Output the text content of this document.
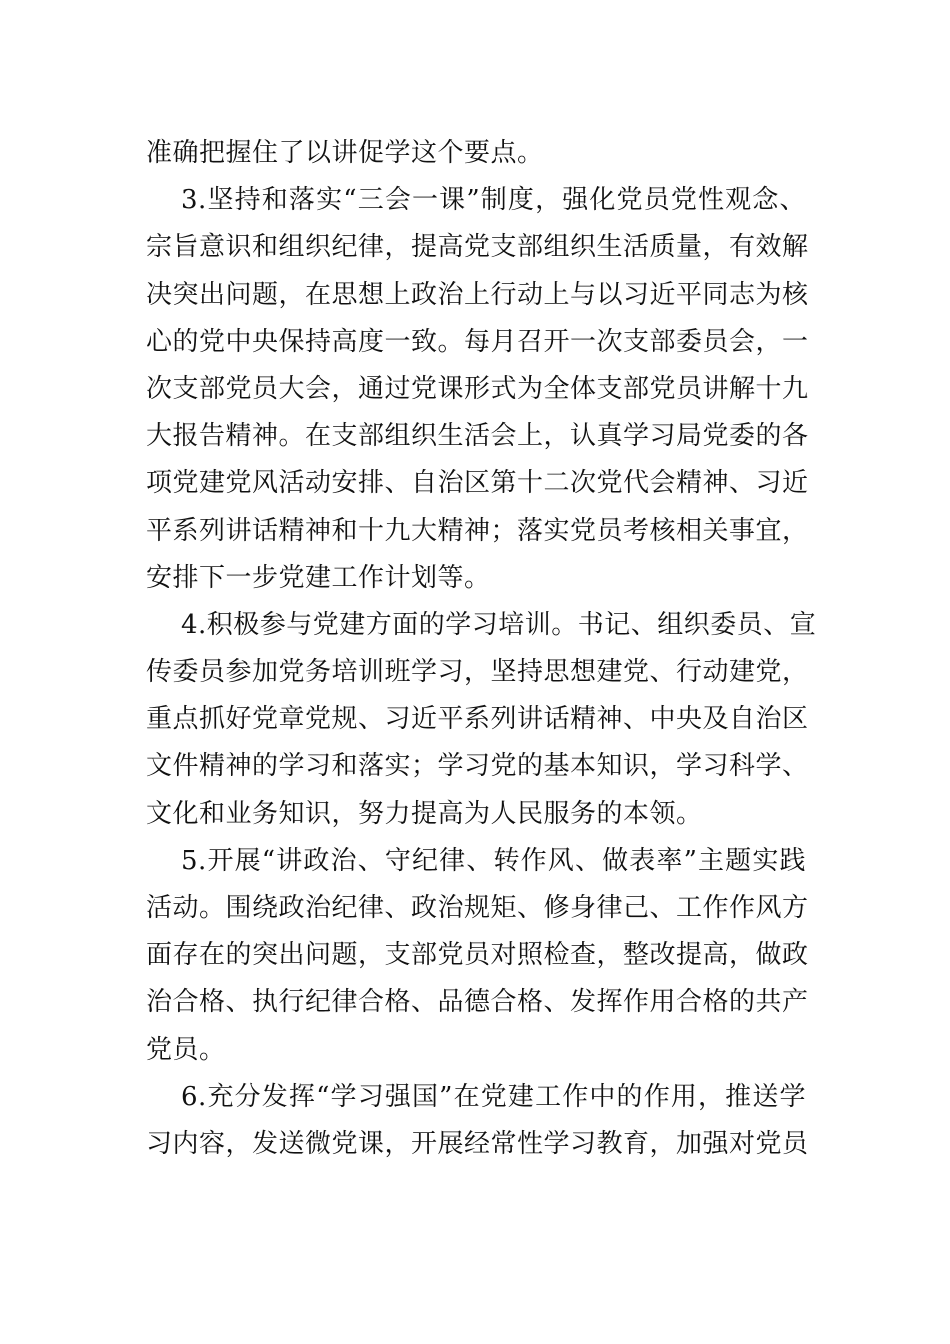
准确把握住了以讲促学这个要点。
3.坚持和落实“三会一课”制度，强化党员党性观念、
宗旨意识和组织纪律，提高党支部组织生活质量，有效解
决突出问题，在思想上政治上行动上与以习近平同志为核
心的党中央保持高度一致。每月召开一次支部委员会，一
次支部党员大会，通过党课形式为全体支部党员讲解十九
大报告精神。在支部组织生活会上，认真学习局党委的各
项党建党风活动安排、自治区第十二次党代会精神、习近
平系列讲话精神和十九大精神；落实党员考核相关事宜，
安排下一步党建工作计划等。
4.积极参与党建方面的学习培训。书记、组织委员、宣
传委员参加党务培训班学习，坚持思想建党、行动建党，
重点抓好党章党规、习近平系列讲话精神、中央及自治区
文件精神的学习和落实；学习党的基本知识，学习科学、
文化和业务知识，努力提高为人民服务的本领。
5.开展“讲政治、守纪律、转作风、做表率”主题实践
活动。围绕政治纪律、政治规矩、修身律己、工作作风方
面存在的突出问题，支部党员对照检查，整改提高，做政
治合格、执行纪律合格、品德合格、发挥作用合格的共产
党员。
6.充分发挥“学习强国”在党建工作中的作用，推送学
习内容，发送微党课，开展经常性学习教育，加强对党员
